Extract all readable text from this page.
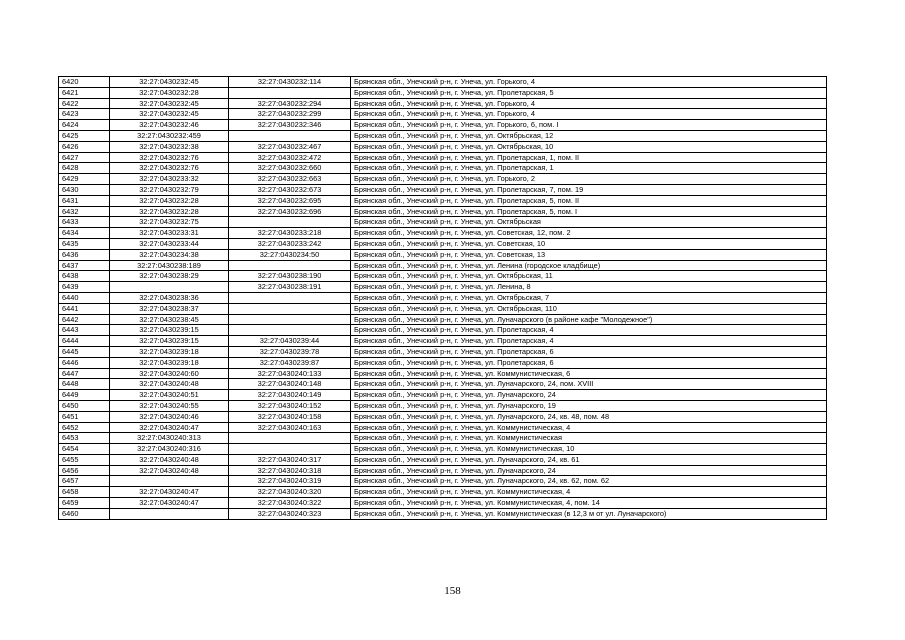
6420	32:27:0430232:45	32:27:0430232:114	Брянская обл., Унечский р-н, г. Унеча, ул. Горького, 4
6421	32:27:0430232:28		Брянская обл., Унечский р-н, г. Унеча, ул. Пролетарская, 5
6422	32:27:0430232:45	32:27:0430232:294	Брянская обл., Унечский р-н, г. Унеча, ул. Горького, 4
6423	32:27:0430232:45	32:27:0430232:299	Брянская обл., Унечский р-н, г. Унеча, ул. Горького, 4
6424	32:27:0430232:46	32:27:0430232:346	Брянская обл., Унечский р-н, г. Унеча, ул. Горького, 6, пом. I
6425	32:27:0430232:459		Брянская обл., Унечский р-н, г. Унеча, ул. Октябрьская, 12
6426	32:27:0430232:38	32:27:0430232:467	Брянская обл., Унечский р-н, г. Унеча, ул. Октябрьская, 10
6427	32:27:0430232:76	32:27:0430232:472	Брянская обл., Унечский р-н, г. Унеча, ул. Пролетарская, 1, пом. II
6428	32:27:0430232:76	32:27:0430232:660	Брянская обл., Унечский р-н, г. Унеча, ул. Пролетарская, 1
6429	32:27:0430233:32	32:27:0430232:663	Брянская обл., Унечский р-н, г. Унеча, ул. Горького, 2
6430	32:27:0430232:79	32:27:0430232:673	Брянская обл., Унечский р-н, г. Унеча, ул. Пролетарская, 7, пом. 19
6431	32:27:0430232:28	32:27:0430232:695	Брянская обл., Унечский р-н, г. Унеча, ул. Пролетарская, 5, пом. II
6432	32:27:0430232:28	32:27:0430232:696	Брянская обл., Унечский р-н, г. Унеча, ул. Пролетарская, 5, пом. I
6433	32:27:0430232:75		Брянская обл., Унечский р-н, г. Унеча, ул. Октябрьская
6434	32:27:0430233:31	32:27:0430233:218	Брянская обл., Унечский р-н, г. Унеча, ул. Советская, 12, пом. 2
6435	32:27:0430233:44	32:27:0430233:242	Брянская обл., Унечский р-н, г. Унеча, ул. Советская, 10
6436	32:27:0430234:38	32:27:0430234:50	Брянская обл., Унечский р-н, г. Унеча, ул. Советская, 13
6437	32:27:0430238:189		Брянская обл., Унечский р-н, г. Унеча, ул. Ленина (городское кладбище)
6438	32:27:0430238:29	32:27:0430238:190	Брянская обл., Унечский р-н, г. Унеча, ул. Октябрьская, 11
6439		32:27:0430238:191	Брянская обл., Унечский р-н, г. Унеча, ул. Ленина, 8
6440	32:27:0430238:36		Брянская обл., Унечский р-н, г. Унеча, ул. Октябрьская, 7
6441	32:27:0430238:37		Брянская обл., Унечский р-н, г. Унеча, ул. Октябрьская, 110
6442	32:27:0430238:45		Брянская обл., Унечский р-н, г. Унеча, ул. Луначарского (в районе кафе "Молодежное")
6443	32:27:0430239:15		Брянская обл., Унечский р-н, г. Унеча, ул. Пролетарская, 4
6444	32:27:0430239:15	32:27:0430239:44	Брянская обл., Унечский р-н, г. Унеча, ул. Пролетарская, 4
6445	32:27:0430239:18	32:27:0430239:78	Брянская обл., Унечский р-н, г. Унеча, ул. Пролетарская, 6
6446	32:27:0430239:18	32:27:0430239:87	Брянская обл., Унечский р-н, г. Унеча, ул. Пролетарская, 6
6447	32:27:0430240:60	32:27:0430240:133	Брянская обл., Унечский р-н, г. Унеча, ул. Коммунистическая, 6
6448	32:27:0430240:48	32:27:0430240:148	Брянская обл., Унечский р-н, г. Унеча, ул. Луначарского, 24, пом. XVIII
6449	32:27:0430240:51	32:27:0430240:149	Брянская обл., Унечский р-н, г. Унеча, ул. Луначарского, 24
6450	32:27:0430240:55	32:27:0430240:152	Брянская обл., Унечский р-н, г. Унеча, ул. Луначарского, 19
6451	32:27:0430240:46	32:27:0430240:158	Брянская обл., Унечский р-н, г. Унеча, ул. Луначарского, 24, кв. 48, пом. 48
6452	32:27:0430240:47	32:27:0430240:163	Брянская обл., Унечский р-н, г. Унеча, ул. Коммунистическая, 4
6453	32:27:0430240:313		Брянская обл., Унечский р-н, г. Унеча, ул. Коммунистическая
6454	32:27:0430240:316		Брянская обл., Унечский р-н, г. Унеча, ул. Коммунистическая, 10
6455	32:27:0430240:48	32:27:0430240:317	Брянская обл., Унечский р-н, г. Унеча, ул. Луначарского, 24, кв. 61
6456	32:27:0430240:48	32:27:0430240:318	Брянская обл., Унечский р-н, г. Унеча, ул. Луначарского, 24
6457		32:27:0430240:319	Брянская обл., Унечский р-н, г. Унеча, ул. Луначарского, 24, кв. 62, пом. 62
6458	32:27:0430240:47	32:27:0430240:320	Брянская обл., Унечский р-н, г. Унеча, ул. Коммунистическая, 4
6459	32:27:0430240:47	32:27:0430240:322	Брянская обл., Унечский р-н, г. Унеча, ул. Коммунистическая, 4, пом. 14
6460		32:27:0430240:323	Брянская обл., Унечский р-н, г. Унеча, ул. Коммунистическая (в 12,3 м от ул. Луначарского)
158
